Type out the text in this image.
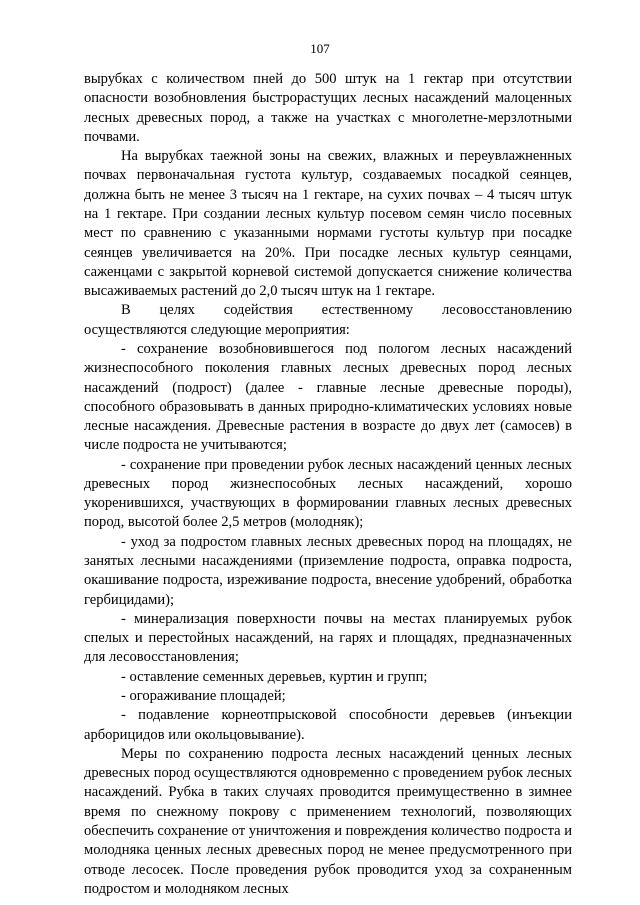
107

вырубках с количеством пней до 500 штук на 1 гектар при отсутствии опасности возобновления быстрорастущих лесных насаждений малоценных лесных древесных пород, а также на участках с многолетне-мерзлотными почвами.

На вырубках таежной зоны на свежих, влажных и переувлажненных почвах первоначальная густота культур, создаваемых посадкой сеянцев, должна быть не менее 3 тысяч на 1 гектаре, на сухих почвах – 4 тысяч штук на 1 гектаре. При создании лесных культур посевом семян число посевных мест по сравнению с указанными нормами густоты культур при посадке сеянцев увеличивается на 20%. При посадке лесных культур сеянцами, саженцами с закрытой корневой системой допускается снижение количества высаживаемых растений до 2,0 тысяч штук на 1 гектаре.

В целях содействия естественному лесовосстановлению осуществляются следующие мероприятия:

- сохранение возобновившегося под пологом лесных насаждений жизнеспособного поколения главных лесных древесных пород лесных насаждений (подрост) (далее - главные лесные древесные породы), способного образовывать в данных природно-климатических условиях новые лесные насаждения. Древесные растения в возрасте до двух лет (самосев) в числе подроста не учитываются;

- сохранение при проведении рубок лесных насаждений ценных лесных древесных пород жизнеспособных лесных насаждений, хорошо укоренившихся, участвующих в формировании главных лесных древесных пород, высотой более 2,5 метров (молодняк);

- уход за подростом главных лесных древесных пород на площадях, не занятых лесными насаждениями (приземление подроста, оправка подроста, окашивание подроста, изреживание подроста, внесение удобрений, обработка гербицидами);

- минерализация поверхности почвы на местах планируемых рубок спелых и перестойных насаждений, на гарях и площадях, предназначенных для лесовосстановления;

- оставление семенных деревьев, куртин и групп;

- огораживание площадей;

- подавление корнеотпрысковой способности деревьев (инъекции арборицидов или окольцовывание).

Меры по сохранению подроста лесных насаждений ценных лесных древесных пород осуществляются одновременно с проведением рубок лесных насаждений. Рубка в таких случаях проводится преимущественно в зимнее время по снежному покрову с применением технологий, позволяющих обеспечить сохранение от уничтожения и повреждения количество подроста и молодняка ценных лесных древесных пород не менее предусмотренного при отводе лесосек. После проведения рубок проводится уход за сохраненным подростом и молодняком лесных
